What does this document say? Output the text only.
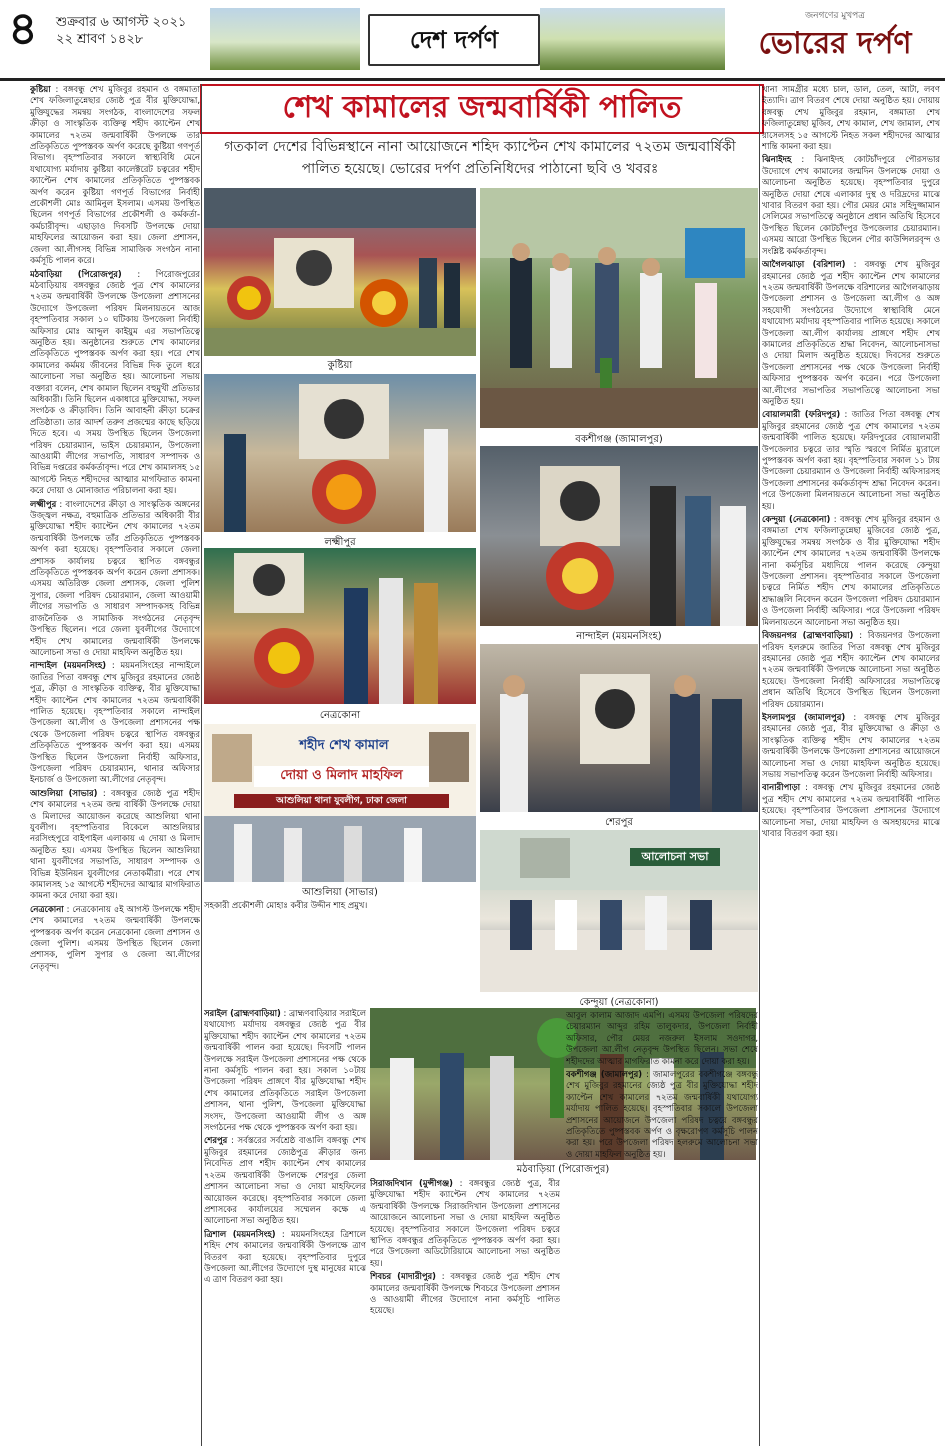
৪ শুক্রবার ৬ আগস্ট ২০২১
২২ শ্রাবণ ১৪২৮	দেশ দর্পণ
জনগণের মুখপত্র
ভোরের দর্পণ

কুষ্টিয়া : বঙ্গবন্ধু শেখ মুজিবুর রহমান ও বঙ্গমাতা শেখ ফজিলাতুন্নেছার জ্যেষ্ঠ পুত্র বীর মুক্তিযোদ্ধা, মুক্তিযুদ্ধের সমন্বয় সংগঠক, বাংলাদেশের সফল ক্রীড়া ও সাংস্কৃতিক ব্যক্তিত্ব শহীদ ক্যাপ্টেন শেখ কামালের ৭২তম জন্মবার্ষিকী উপলক্ষে তার প্রতিকৃতিতে পুষ্পস্তবক অর্পণ করেছে কুষ্টিয়া গণপূর্ত বিভাগ। বৃহস্পতিবার সকালে স্বাস্থ্যবিধি মেনে যথাযোগ্য মর্যাদায় কুষ্টিয়া কালেক্টরেট চত্বরের শহীদ ক্যাপ্টেন শেখ কামালের প্রতিকৃতিতে পুষ্পস্তবক অর্পণ করেন কুষ্টিয়া গণপূর্ত বিভাগের নির্বাহী প্রকৌশলী মোঃ আমিনুল ইসলাম। এসময় উপস্থিত ছিলেন গণপূর্ত বিভাগের প্রকৌশলী ও কর্মকর্তা-কর্মচারীবৃন্দ। এছাড়াও দিবসটি উপলক্ষে দোয়া মাহফিলের আয়োজন করা হয়। জেলা প্রশাসন, জেলা আ.লীগসহ বিভিন্ন সামাজিক সংগঠন নানা কর্মসূচি পালন করে।

মঠবাড়িয়া (পিরোজপুর) : পিরোজপুরের মঠবাড়িয়ায় বঙ্গবন্ধুর জ্যেষ্ঠ পুত্র শেখ কামালের ৭২তম জন্মবার্ষিকী উপলক্ষে উপজেলা প্রশাসনের উদ্যোগে উপজেলা পরিষদ মিলনায়তনে আজ বৃহস্পতিবার সকাল ১০ ঘটিকায় উপজেলা নির্বাহী অফিসার মোঃ আব্দুল কাইয়ুম এর সভাপতিত্বে অনুষ্ঠিত হয়। অনুষ্ঠানের শুরুতে শেখ কামালের প্রতিকৃতিতে পুষ্পস্তবক অর্পণ করা হয়। পরে শেখ কামালের কর্মময় জীবনের বিভিন্ন দিক তুলে ধরে আলোচনা সভা অনুষ্ঠিত হয়। আলোচনা সভায় বক্তারা বলেন, শেখ কামাল ছিলেন বহুমুখী প্রতিভার অধিকারী। তিনি ছিলেন একাধারে মুক্তিযোদ্ধা, সফল সংগঠক ও ক্রীড়াবিদ। তিনি আবাহনী ক্রীড়া চক্রের প্রতিষ্ঠাতা। তার আদর্শ তরুণ প্রজন্মের কাছে ছড়িয়ে দিতে হবে। এ সময় উপস্থিত ছিলেন উপজেলা পরিষদ চেয়ারম্যান, ভাইস চেয়ারম্যান, উপজেলা আওয়ামী লীগের সভাপতি, সাধারণ সম্পাদক ও বিভিন্ন দপ্তরের কর্মকর্তাবৃন্দ। পরে শেখ কামালসহ ১৫ আগস্টে নিহত শহীদদের আত্মার মাগফিরাত কামনা করে দোয়া ও মোনাজাত পরিচালনা করা হয়।

লক্ষ্মীপুর : বাংলাদেশের ক্রীড়া ও সাংস্কৃতিক অঙ্গনের উজ্জ্বল নক্ষত্র, বহুমাত্রিক প্রতিভার অধিকারী বীর মুক্তিযোদ্ধা শহীদ ক্যাপ্টেন শেখ কামালের ৭২তম জন্মবার্ষিকী উপলক্ষে তাঁর প্রতিকৃতিতে পুষ্পস্তবক অর্পণ করা হয়েছে। বৃহস্পতিবার সকালে জেলা প্রশাসক কার্যালয় চত্বরে স্থাপিত বঙ্গবন্ধুর প্রতিকৃতিতে পুষ্পস্তবক অর্পণ করেন জেলা প্রশাসক। এসময় অতিরিক্ত জেলা প্রশাসক, জেলা পুলিশ সুপার, জেলা পরিষদ চেয়ারম্যান, জেলা আওয়ামী লীগের সভাপতি ও সাধারণ সম্পাদকসহ বিভিন্ন রাজনৈতিক ও সামাজিক সংগঠনের নেতৃবৃন্দ উপস্থিত ছিলেন। পরে জেলা যুবলীগের উদ্যোগে শহীদ শেখ কামালের জন্মবার্ষিকী উপলক্ষে আলোচনা সভা ও দোয়া মাহফিল অনুষ্ঠিত হয়।

নান্দাইল (ময়মনসিংহ) : ময়মনসিংহের নান্দাইলে জাতির পিতা বঙ্গবন্ধু শেখ মুজিবুর রহমানের জ্যেষ্ঠ পুত্র, ক্রীড়া ও সাংস্কৃতিক ব্যক্তিত্ব, বীর মুক্তিযোদ্ধা শহীদ ক্যাপ্টেন শেখ কামালের ৭২তম জন্মবার্ষিকী পালিত হয়েছে। বৃহস্পতিবার সকালে নান্দাইল উপজেলা আ.লীগ ও উপজেলা প্রশাসনের পক্ষ থেকে উপজেলা পরিষদ চত্বরে স্থাপিত বঙ্গবন্ধুর প্রতিকৃতিতে পুষ্পস্তবক অর্পণ করা হয়। এসময় উপস্থিত ছিলেন উপজেলা নির্বাহী অফিসার, উপজেলা পরিষদ চেয়ারম্যান, থানার অফিসার ইনচার্জ ও উপজেলা আ.লীগের নেতৃবৃন্দ।

আশুলিয়া (সাভার) : বঙ্গবন্ধুর জ্যেষ্ঠ পুত্র শহীদ শেখ কামালের ৭২তম জন্ম বার্ষিকী উপলক্ষে দোয়া ও মিলাদের আয়োজন করেছে আশুলিয়া থানা যুবলীগ। বৃহস্পতিবার বিকেলে আশুলিয়ার নরসিংহপুরে বাইপাইল এলাকায় এ দোয়া ও মিলাদ অনুষ্ঠিত হয়। এসময় উপস্থিত ছিলেন আশুলিয়া থানা যুবলীগের সভাপতি, সাধারণ সম্পাদক ও বিভিন্ন ইউনিয়ন যুবলীগের নেতাকর্মীরা। পরে শেখ কামালসহ ১৫ আগস্টে শহীদদের আত্মার মাগফিরাত কামনা করে দোয়া করা হয়।

নেত্রকোনা : নেত্রকোনায় ৫ই আগস্ট উপলক্ষে শহীদ শেখ কামালের ৭২তম জন্মবার্ষিকী উপলক্ষে পুষ্পস্তবক অর্পণ করেন নেত্রকোনা জেলা প্রশাসন ও জেলা পুলিশ। এসময় উপস্থিত ছিলেন জেলা প্রশাসক, পুলিশ সুপার ও জেলা আ.লীগের নেতৃবৃন্দ।

শেখ কামালের জন্মবার্ষিকী পালিত
গতকাল দেশের বিভিন্নস্থানে নানা আয়োজনে শহিদ ক্যাপ্টেন শেখ কামালের ৭২তম জন্মবার্ষিকী পালিত হয়েছে। ভোরের দর্পণ প্রতিনিধিদের পাঠানো ছবি ও খবরঃ
কুষ্টিয়া
বকশীগঞ্জ (জামালপুর)
লক্ষ্মীপুর
নান্দাইল (ময়মনসিংহ)
নেত্রকোনা
শেরপুর
শহীদ শেখ কামাল
দোয়া ও মিলাদ মাহফিল
আশুলিয়া থানা যুবলীগ, ঢাকা জেলা
আশুলিয়া (সাভার)
আলোচনা সভা
কেন্দুয়া (নেত্রকোনা)
মঠবাড়িয়া (পিরোজপুর)

সহকারী প্রকৌশলী মোহাঃ কবীর উদ্দীন শাহ প্রমুখ।

সরাইল (ব্রাহ্মণবাড়িয়া) : ব্রাহ্মণবাড়িয়ার সরাইলে যথাযোগ্য মর্যাদায় বঙ্গবন্ধুর জ্যেষ্ঠ পুত্র বীর মুক্তিযোদ্ধা শহীদ ক্যাপ্টেন শেখ কামালের ৭২তম জন্মবার্ষিকী পালন করা হয়েছে। দিবসটি পালন উপলক্ষে সরাইল উপজেলা প্রশাসনের পক্ষ থেকে নানা কর্মসূচি পালন করা হয়। সকাল ১০টায় উপজেলা পরিষদ প্রাঙ্গণে বীর মুক্তিযোদ্ধা শহীদ শেখ কামালের প্রতিকৃতিতে সরাইল উপজেলা প্রশাসন, থানা পুলিশ, উপজেলা মুক্তিযোদ্ধা সংসদ, উপজেলা আওয়ামী লীগ ও অঙ্গ সংগঠনের পক্ষ থেকে পুষ্পস্তবক অর্পণ করা হয়।

শেরপুর : সর্বস্তরের সর্বশ্রেষ্ঠ বাঙালি বঙ্গবন্ধু শেখ মুজিবুর রহমানের জ্যেষ্ঠপুত্র ক্রীড়ার জন্য নিবেদিত প্রাণ শহীদ ক্যাপ্টেন শেখ কামালের ৭২তম জন্মবার্ষিকী উপলক্ষে শেরপুর জেলা প্রশাসন আলোচনা সভা ও দোয়া মাহফিলের আয়োজন করেছে। বৃহস্পতিবার সকালে জেলা প্রশাসকের কার্যালয়ের সম্মেলন কক্ষে এ আলোচনা সভা অনুষ্ঠিত হয়।

ত্রিশাল (ময়মনসিংহ) : ময়মনসিংহের ত্রিশালে শহিদ শেখ কামালের জন্মবার্ষিকী উপলক্ষে ত্রাণ বিতরণ করা হয়েছে। বৃহস্পতিবার দুপুরে উপজেলা আ.লীগের উদ্যোগে দুস্থ মানুষের মাঝে এ ত্রাণ বিতরণ করা হয়।

সিরাজদিখান (মুন্সীগঞ্জ) : বঙ্গবন্ধুর জ্যেষ্ঠ পুত্র, বীর মুক্তিযোদ্ধা শহীদ ক্যাপ্টেন শেখ কামালের ৭২তম জন্মবার্ষিকী উপলক্ষে সিরাজদিখান উপজেলা প্রশাসনের আয়োজনে আলোচনা সভা ও দোয়া মাহফিল অনুষ্ঠিত হয়েছে। বৃহস্পতিবার সকালে উপজেলা পরিষদ চত্বরে স্থাপিত বঙ্গবন্ধুর প্রতিকৃতিতে পুষ্পস্তবক অর্পণ করা হয়। পরে উপজেলা অডিটোরিয়ামে আলোচনা সভা অনুষ্ঠিত হয়।

শিবচর (মাদারীপুর) : বঙ্গবন্ধুর জ্যেষ্ঠ পুত্র শহীদ শেখ কামালের জন্মবার্ষিকী উপলক্ষে শিবচরে উপজেলা প্রশাসন ও আওয়ামী লীগের উদ্যোগে নানা কর্মসূচি পালিত হয়েছে।

আবুল কালাম আজাদ এমপি। এসময় উপজেলা পরিষদের চেয়ারম্যান আব্দুর রহিম তালুকদার, উপজেলা নির্বাহী অফিসার, পৌর মেয়র নজরুল ইসলাম সওদাগর, উপজেলা আ.লীগ নেতৃবৃন্দ উপস্থিত ছিলেন। সভা শেষে শহীদদের আত্মার মাগফিরাত কামনা করে দোয়া করা হয়।

বকশীগঞ্জ (জামালপুর) : জামালপুরের বকশীগঞ্জে বঙ্গবন্ধু শেখ মুজিবুর রহমানের জ্যেষ্ঠ পুত্র বীর মুক্তিযোদ্ধা শহীদ ক্যাপ্টেন শেখ কামালের ৭২তম জন্মবার্ষিকী যথাযোগ্য মর্যাদায় পালিত হয়েছে। বৃহস্পতিবার সকালে উপজেলা প্রশাসনের আয়োজনে উপজেলা পরিষদ চত্বরে বঙ্গবন্ধুর প্রতিকৃতিতে পুষ্পস্তবক অর্পণ ও বৃক্ষরোপণ কর্মসূচি পালন করা হয়। পরে উপজেলা পরিষদ হলরুমে আলোচনা সভা ও দোয়া মাহফিল অনুষ্ঠিত হয়।

খানা সামগ্রীর মধ্যে চাল, ডাল, তেল, আটা, লবণ ইত্যাদি। ত্রাণ বিতরণ শেষে দোয়া অনুষ্ঠিত হয়। দোয়ায় বঙ্গবন্ধু শেখ মুজিবুর রহমান, বঙ্গমাতা শেখ ফজিলাতুন্নেছা মুজিব, শেখ কামাল, শেখ জামাল, শেখ রাসেলসহ ১৫ আগস্টে নিহত সকল শহীদদের আত্মার শান্তি কামনা করা হয়।

ঝিনাইদহ : ঝিনাইদহ কোটচাঁদপুরে পৌরসভার উদ্যোগে শেখ কামালের জন্মদিন উপলক্ষে দোয়া ও আলোচনা অনুষ্ঠিত হয়েছে। বৃহস্পতিবার দুপুরে অনুষ্ঠিত দোয়া শেষে এলাকার দুস্থ ও দরিদ্রদের মাঝে খাবার বিতরণ করা হয়। পৌর মেয়র মোঃ সহিদুজ্জামান সেলিমের সভাপতিত্বে অনুষ্ঠানে প্রধান অতিথি হিসেবে উপস্থিত ছিলেন কোটচাঁদপুর উপজেলার চেয়ারম্যান। এসময় আরো উপস্থিত ছিলেন পৌর কাউন্সিলরবৃন্দ ও সংশ্লিষ্ট কর্মকর্তাবৃন্দ।

আগৈলঝাড়া (বরিশাল) : বঙ্গবন্ধু শেখ মুজিবুর রহমানের জ্যেষ্ঠ পুত্র শহীদ ক্যাপ্টেন শেখ কামালের ৭২তম জন্মবার্ষিকী উপলক্ষে বরিশালের আগৈলঝাড়ায় উপজেলা প্রশাসন ও উপজেলা আ.লীগ ও অঙ্গ সহযোগী সংগঠনের উদ্যোগে স্বাস্থ্যবিধি মেনে যথাযোগ্য মর্যাদায় বৃহস্পতিবার পালিত হয়েছে। সকালে উপজেলা আ.লীগ কার্যালয় প্রাঙ্গণে শহীদ শেখ কামালের প্রতিকৃতিতে শ্রদ্ধা নিবেদন, আলোচনাসভা ও দোয়া মিলাদ অনুষ্ঠিত হয়েছে। দিবসের শুরুতে উপজেলা প্রশাসনের পক্ষ থেকে উপজেলা নির্বাহী অফিসার পুষ্পস্তবক অর্পণ করেন। পরে উপজেলা আ.লীগের সভাপতির সভাপতিত্বে আলোচনা সভা অনুষ্ঠিত হয়।

বোয়ালমারী (ফরিদপুর) : জাতির পিতা বঙ্গবন্ধু শেখ মুজিবুর রহমানের জ্যেষ্ঠ পুত্র শেখ কামালের ৭২তম জন্মবার্ষিকী পালিত হয়েছে। ফরিদপুরের বোয়ালমারী উপজেলার চত্বরে তার স্মৃতি স্মরণে নির্মিত ম্যুরালে পুষ্পস্তবক অর্পণ করা হয়। বৃহস্পতিবার সকাল ১১ টায় উপজেলা চেয়ারম্যান ও উপজেলা নির্বাহী অফিসারসহ উপজেলা প্রশাসনের কর্মকর্তাবৃন্দ শ্রদ্ধা নিবেদন করেন। পরে উপজেলা মিলনায়তনে আলোচনা সভা অনুষ্ঠিত হয়।

কেন্দুয়া (নেত্রকোনা) : বঙ্গবন্ধু শেখ মুজিবুর রহমান ও বঙ্গমাতা শেখ ফজিলাতুন্নেছা মুজিবের জ্যেষ্ঠ পুত্র, মুক্তিযুদ্ধের সমন্বয় সংগঠক ও বীর মুক্তিযোদ্ধা শহীদ ক্যাপ্টেন শেখ কামালের ৭২তম জন্মবার্ষিকী উপলক্ষে নানা কর্মসূচির মধ্যদিয়ে পালন করেছে কেন্দুয়া উপজেলা প্রশাসন। বৃহস্পতিবার সকালে উপজেলা চত্বরে নির্মিত শহীদ শেখ কামালের প্রতিকৃতিতে শ্রদ্ধাঞ্জলি নিবেদন করেন উপজেলা পরিষদ চেয়ারম্যান ও উপজেলা নির্বাহী অফিসার। পরে উপজেলা পরিষদ মিলনায়তনে আলোচনা সভা অনুষ্ঠিত হয়।

বিজয়নগর (ব্রাহ্মণবাড়িয়া) : বিজয়নগর উপজেলা পরিষদ হলরুমে জাতির পিতা বঙ্গবন্ধু শেখ মুজিবুর রহমানের জ্যেষ্ঠ পুত্র শহীদ ক্যাপ্টেন শেখ কামালের ৭২তম জন্মবার্ষিকী উপলক্ষে আলোচনা সভা অনুষ্ঠিত হয়েছে। উপজেলা নির্বাহী অফিসারের সভাপতিত্বে প্রধান অতিথি হিসেবে উপস্থিত ছিলেন উপজেলা পরিষদ চেয়ারম্যান।

ইসলামপুর (জামালপুর) : বঙ্গবন্ধু শেখ মুজিবুর রহমানের জ্যেষ্ঠ পুত্র, বীর মুক্তিযোদ্ধা ও ক্রীড়া ও সাংস্কৃতিক ব্যক্তিত্ব শহীদ শেখ কামালের ৭২তম জন্মবার্ষিকী উপলক্ষে উপজেলা প্রশাসনের আয়োজনে আলোচনা সভা ও দোয়া মাহফিল অনুষ্ঠিত হয়েছে। সভায় সভাপতিত্ব করেন উপজেলা নির্বাহী অফিসার।

বানারীপাড়া : বঙ্গবন্ধু শেখ মুজিবুর রহমানের জ্যেষ্ঠ পুত্র শহীদ শেখ কামালের ৭২তম জন্মবার্ষিকী পালিত হয়েছে। বৃহস্পতিবার উপজেলা প্রশাসনের উদ্যোগে আলোচনা সভা, দোয়া মাহফিল ও অসহায়দের মাঝে খাবার বিতরণ করা হয়।
